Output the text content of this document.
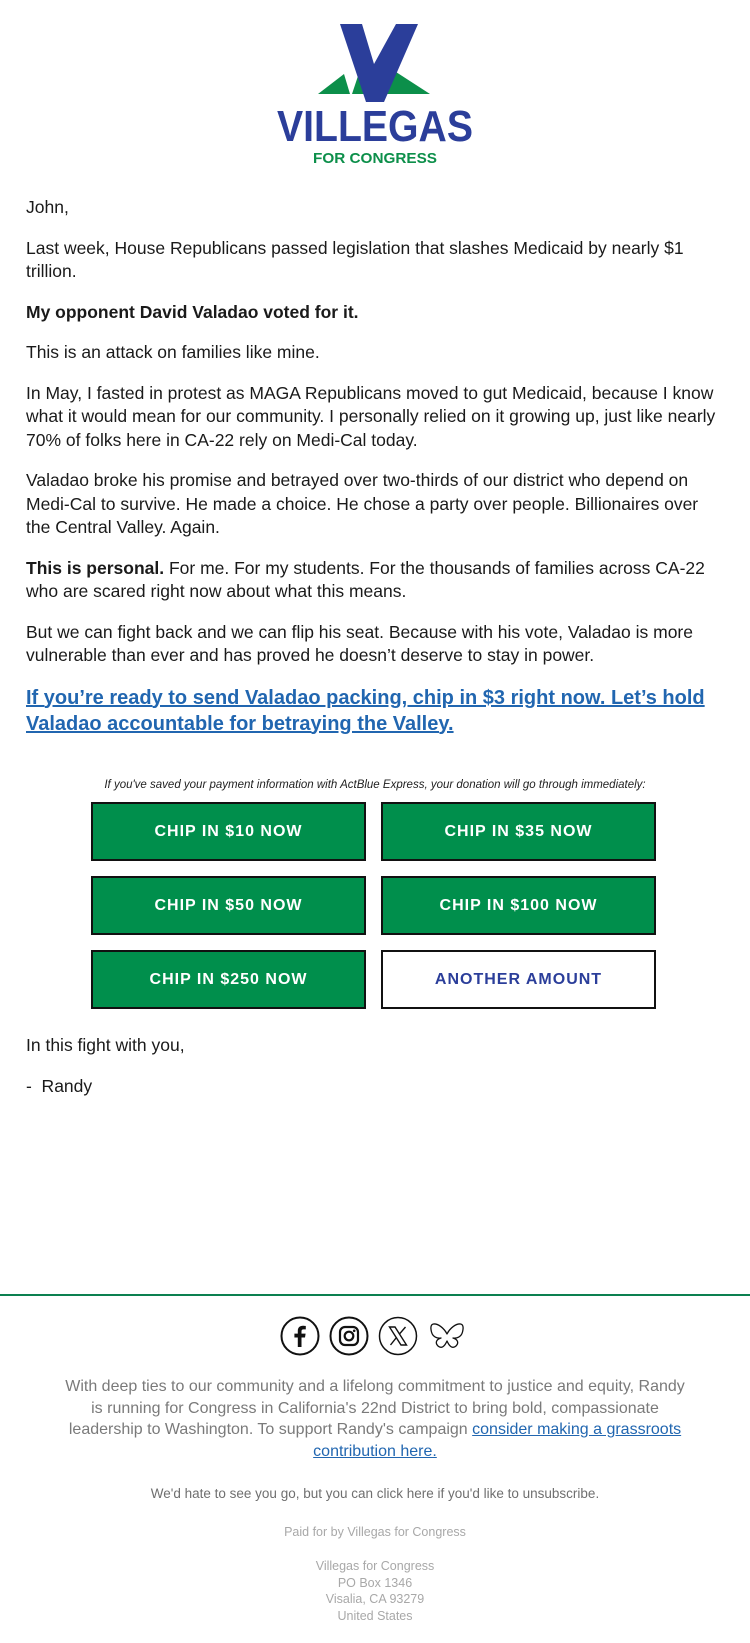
VILLEGAS
FOR CONGRESS

John,

Last week, House Republicans passed legislation that slashes Medicaid by nearly $1 trillion.

My opponent David Valadao voted for it.

This is an attack on families like mine.

In May, I fasted in protest as MAGA Republicans moved to gut Medicaid, because I know what it would mean for our community. I personally relied on it growing up, just like nearly 70% of folks here in CA-22 rely on Medi-Cal today.

Valadao broke his promise and betrayed over two-thirds of our district who depend on Medi-Cal to survive. He made a choice. He chose a party over people. Billionaires over the Central Valley. Again.

This is personal. For me. For my students. For the thousands of families across CA-22 who are scared right now about what this means.

But we can fight back and we can flip his seat. Because with his vote, Valadao is more vulnerable than ever and has proved he doesn’t deserve to stay in power.

If you’re ready to send Valadao packing, chip in $3 right now. Let’s hold Valadao accountable for betraying the Valley.
If you've saved your payment information with ActBlue Express, your donation will go through immediately:
CHIP IN $10 NOW	CHIP IN $35 NOW
CHIP IN $50 NOW	CHIP IN $100 NOW
CHIP IN $250 NOW	ANOTHER AMOUNT

In this fight with you,

-  Randy

With deep ties to our community and a lifelong commitment to justice and equity, Randy is running for Congress in California's 22nd District to bring bold, compassionate leadership to Washington. To support Randy's campaign consider making a grassroots contribution here.
We'd hate to see you go, but you can click here if you'd like to unsubscribe.
Paid for by Villegas for Congress
Villegas for Congress
PO Box 1346
Visalia, CA 93279
United States
